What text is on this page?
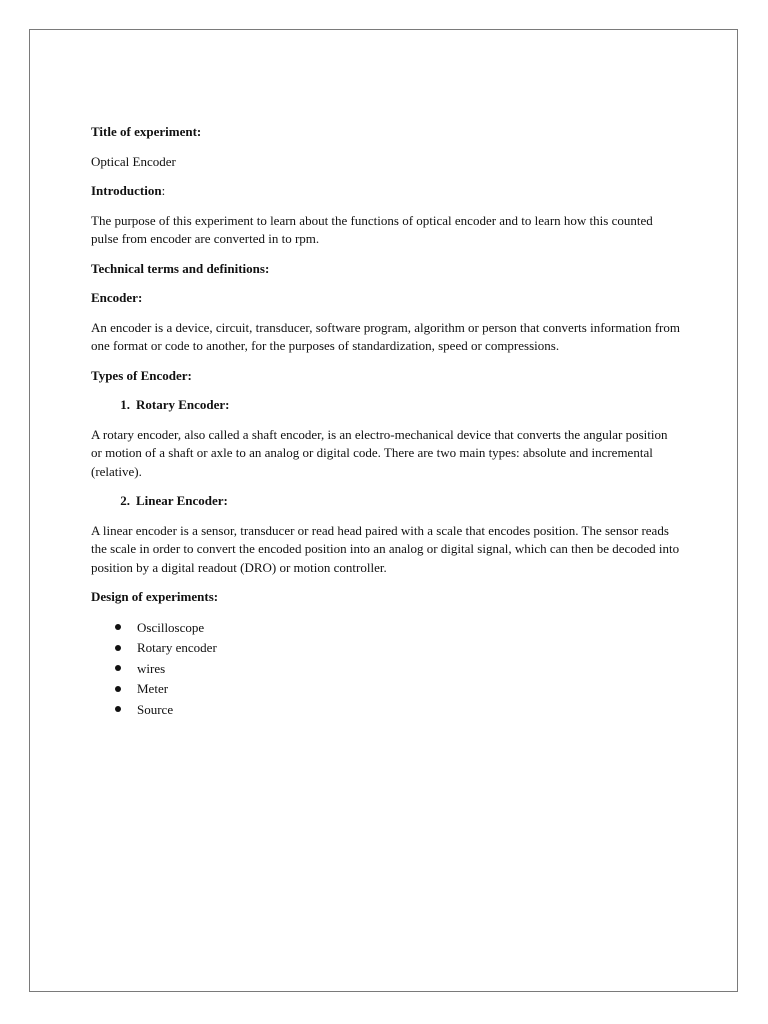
Title of experiment:
Optical Encoder
Introduction:
The purpose of this experiment to learn about the functions of optical encoder and to learn how this counted pulse from encoder are converted in to rpm.
Technical terms and definitions:
Encoder:
An encoder is a device, circuit, transducer, software program, algorithm or person that converts information from one format or code to another, for the purposes of standardization, speed or compressions.
Types of Encoder:
1. Rotary Encoder:
A rotary encoder, also called a shaft encoder, is an electro-mechanical device that converts the angular position or motion of a shaft or axle to an analog or digital code. There are two main types: absolute and incremental (relative).
2. Linear Encoder:
A linear encoder is a sensor, transducer or read head paired with a scale that encodes position. The sensor reads the scale in order to convert the encoded position into an analog or digital signal, which can then be decoded into position by a digital readout (DRO) or motion controller.
Design of experiments:
Oscilloscope
Rotary encoder
wires
Meter
Source
